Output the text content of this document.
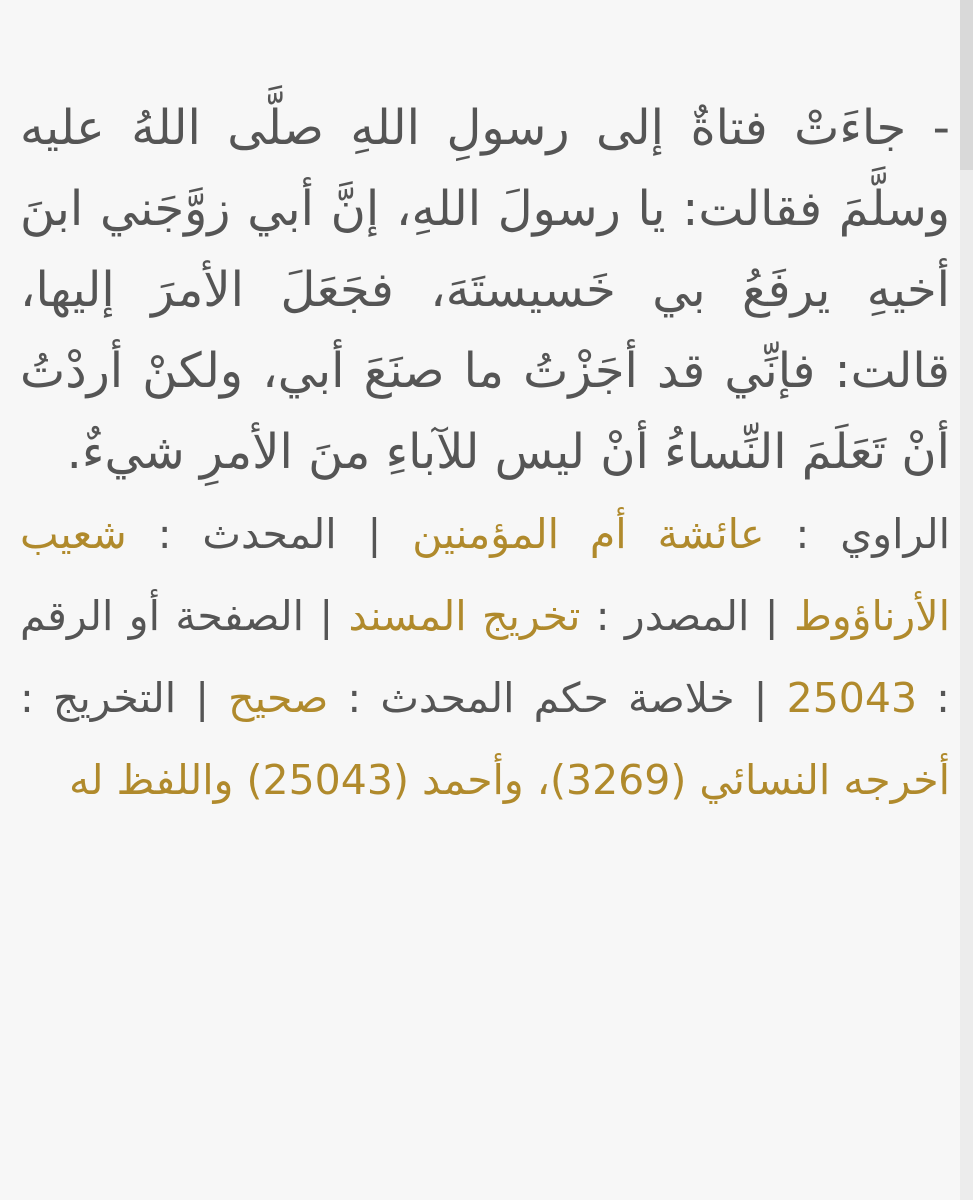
- جاءَتْ فتاةٌ إلى رسولِ اللهِ صلَّى اللهُ عليه وسلَّمَ فقالت: يا رسولَ اللهِ، إنَّ أبي زوَّجَني ابنَ أخيهِ يرفَعُ بي خَسيستَهَ، فجَعَلَ الأمرَ إليها، قالت: فإنِّي قد أجَزْتُ ما صنَعَ أبي، ولكنْ أردْتُ أنْ تَعَلَمَ النِّساءُ أنْ ليس للآباءِ منَ الأمرِ شيءٌ.

الراوي : عائشة أم المؤمنين | المحدث : شعيب الأرناؤوط | المصدر : تخريج المسند | الصفحة أو الرقم : 25043 | خلاصة حكم المحدث : صحيح | التخريج : أخرجه النسائي (3269)، وأحمد (25043) واللفظ له
